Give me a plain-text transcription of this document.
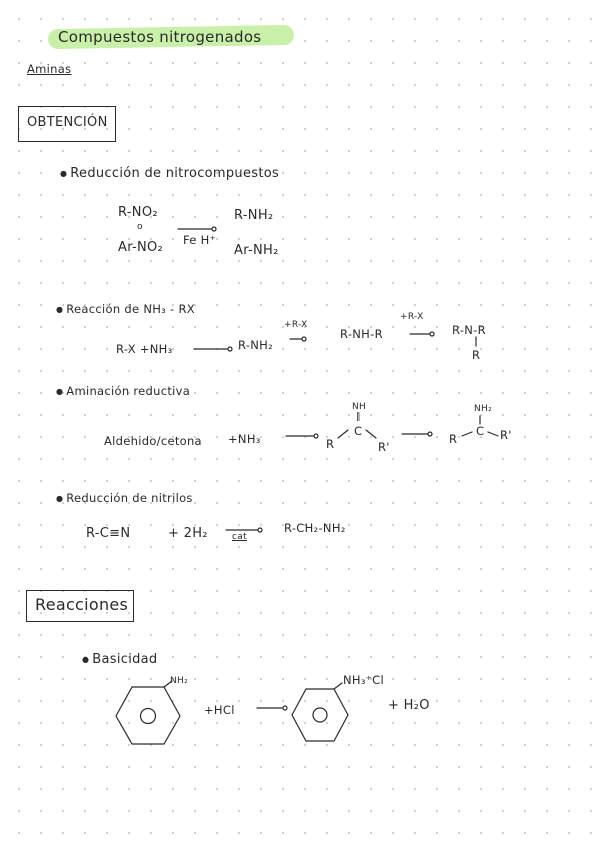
Compuestos nitrogenados
Aminas
OBTENCIÓN
● Reducción de nitrocompuestos
R-NO₂
o
Ar-NO₂ Fe H⁺
R-NH₂
Ar-NH₂
● Reacción de NH₃ - RX
R-X +NH₃	R-NH₂
+R-X
R-NH-R
+R-X
R-N-R
R
● Aminación reductiva
Aldehido/cetona +NH₃
NH
‖
C
R	R'
NH₂
C
R	R'
● Reducción de nitrilos
R-C≡N	+ 2H₂	cat
R-CH₂-NH₂
Reacciones
● Basicidad
NH₂
+HCl
NH₃⁺Cl
+ H₂O
